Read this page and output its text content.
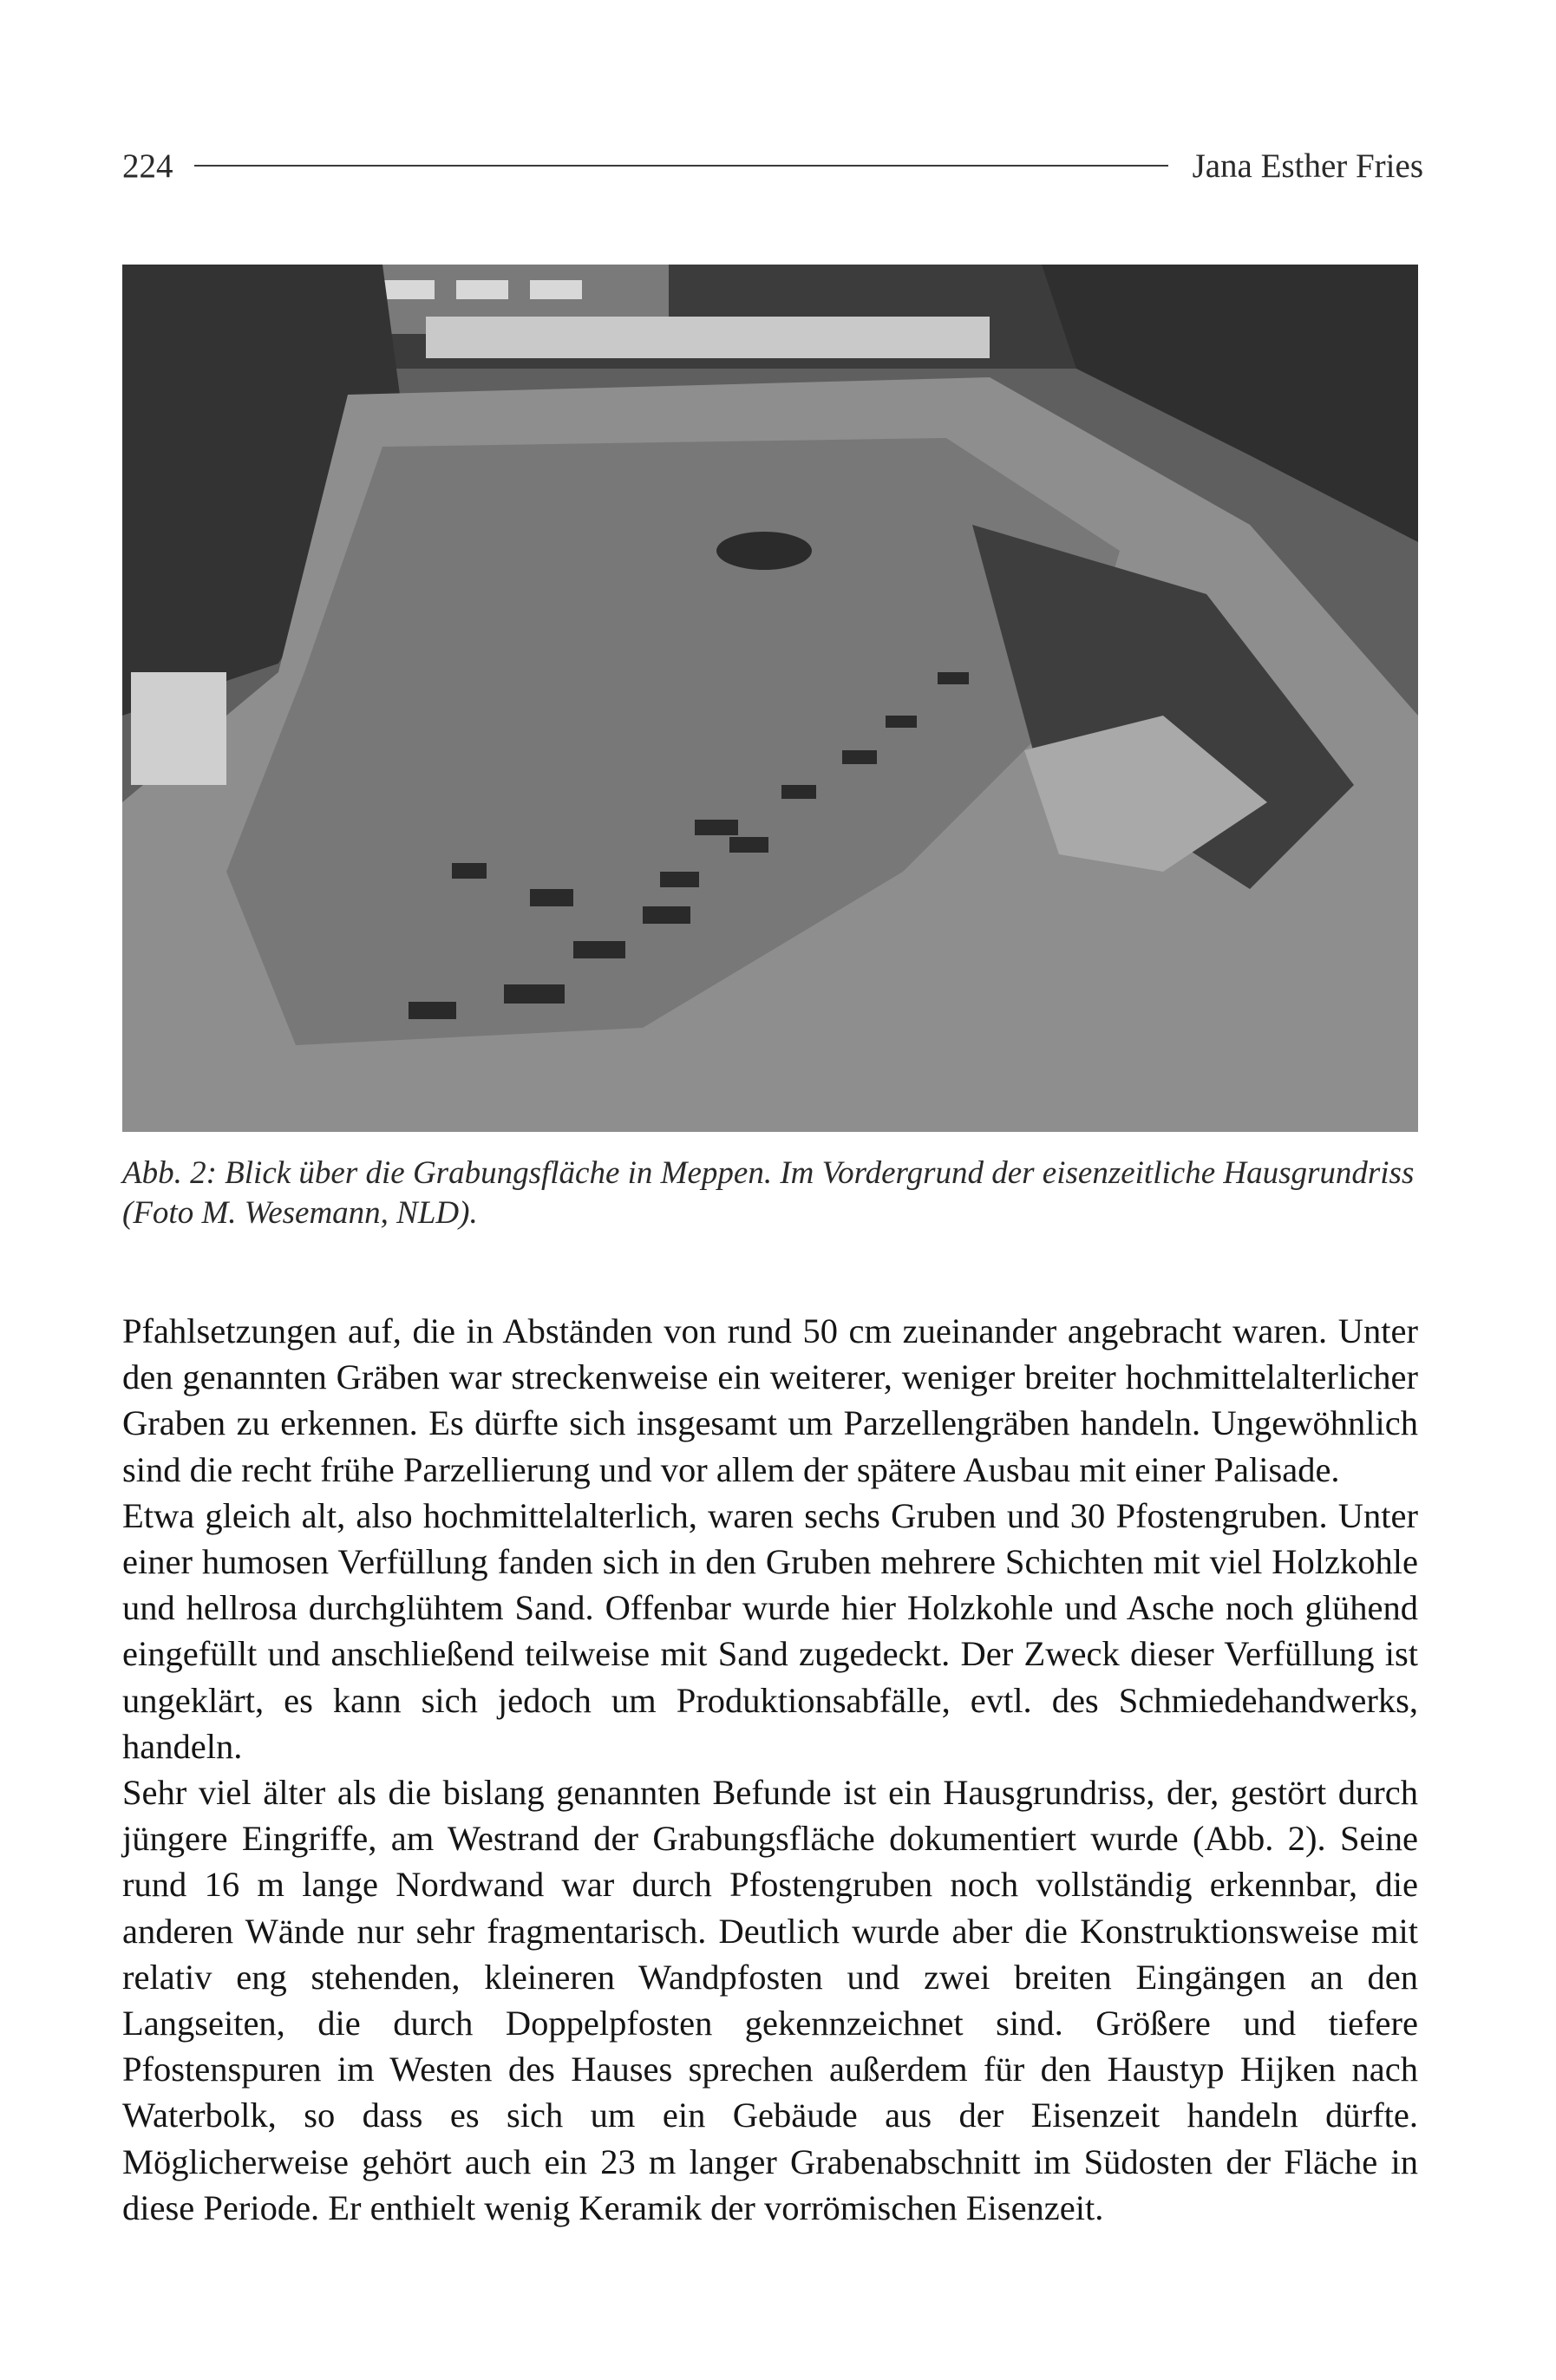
224	Jana Esther Fries
Abb. 2: Blick über die Grabungsfläche in Meppen. Im Vordergrund der eisenzeitliche Hausgrundriss (Foto M. Wesemann, NLD).

Pfahlsetzungen auf, die in Abständen von rund 50 cm zueinander angebracht waren. Unter den genannten Gräben war streckenweise ein weiterer, weniger breiter hochmittelalterlicher Graben zu erkennen. Es dürfte sich insgesamt um Parzellengräben handeln. Ungewöhnlich sind die recht frühe Parzellierung und vor allem der spätere Ausbau mit einer Palisade.

Etwa gleich alt, also hochmittelalterlich, waren sechs Gruben und 30 Pfostengruben. Unter einer humosen Verfüllung fanden sich in den Gruben mehrere Schichten mit viel Holzkohle und hellrosa durchglühtem Sand. Offenbar wurde hier Holzkohle und Asche noch glühend eingefüllt und anschließend teilweise mit Sand zugedeckt. Der Zweck dieser Verfüllung ist ungeklärt, es kann sich jedoch um Produktionsabfälle, evtl. des Schmiedehandwerks, handeln.

Sehr viel älter als die bislang genannten Befunde ist ein Hausgrundriss, der, gestört durch jüngere Eingriffe, am Westrand der Grabungsfläche dokumentiert wurde (Abb. 2). Seine rund 16 m lange Nordwand war durch Pfostengruben noch vollständig erkennbar, die anderen Wände nur sehr fragmentarisch. Deutlich wurde aber die Konstruktionsweise mit relativ eng stehenden, kleineren Wandpfosten und zwei breiten Eingängen an den Langseiten, die durch Doppelpfosten gekennzeichnet sind. Größere und tiefere Pfostenspuren im Westen des Hauses sprechen außerdem für den Haustyp Hijken nach Waterbolk, so dass es sich um ein Gebäude aus der Eisenzeit handeln dürfte. Möglicherweise gehört auch ein 23 m langer Grabenabschnitt im Südosten der Fläche in diese Periode. Er enthielt wenig Keramik der vorrömischen Eisenzeit.
